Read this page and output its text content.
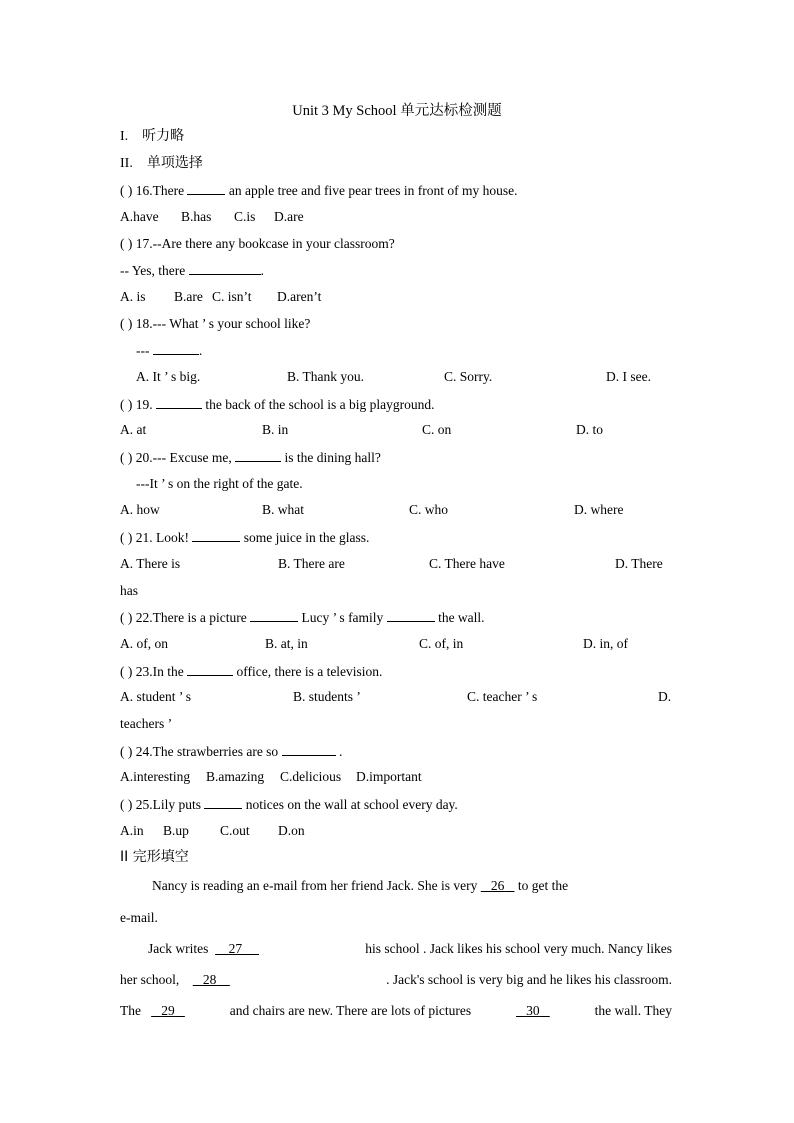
Unit 3 My School 单元达标检测题
I. 听力略
II. 单项选择
( ) 16.There	an apple tree and five pear trees in front of my house.
A.have B.has C.is D.are
( ) 17.--Are there any bookcase in your classroom?
-- Yes, there	.
A. is B.are C. isn’t D.aren’t
( ) 18.--- What ’ s your school like?
---	.
A. It ’ s big.	B. Thank you.	C. Sorry.	D. I see.
( ) 19.	the back of the school is a big playground.
A. at	B. in	C. on	D. to
( ) 20.--- Excuse me,	is the dining hall?
---It ’ s on the right of the gate.
A. how	B. what	C. who	D. where
( ) 21. Look!	some juice in the glass.
A. There is	B. There are	C. There have	D. There
has
( ) 22.There is a picture	Lucy ’ s family	the wall.
A. of, on	B. at, in	C. of, in	D. in, of
( ) 23.In the	office, there is a television.
A. student ’ s	B. students ’	C. teacher ’ s	D.
teachers ’
( ) 24.The strawberries are so	.
A.interesting B.amazing C.delicious D.important
( ) 25.Lily puts	notices on the wall at school every day.
A.in B.up C.out D.on
II 完形填空
Nancy is reading an e-mail from her friend Jack. She is very 26 to get the
e-mail.
Jack writes 27	his school . Jack likes his school very much. Nancy likes
her school, 28	. Jack's school is very big and he likes his classroom.
The 29	and chairs are new. There are lots of pictures	30	the wall. They
